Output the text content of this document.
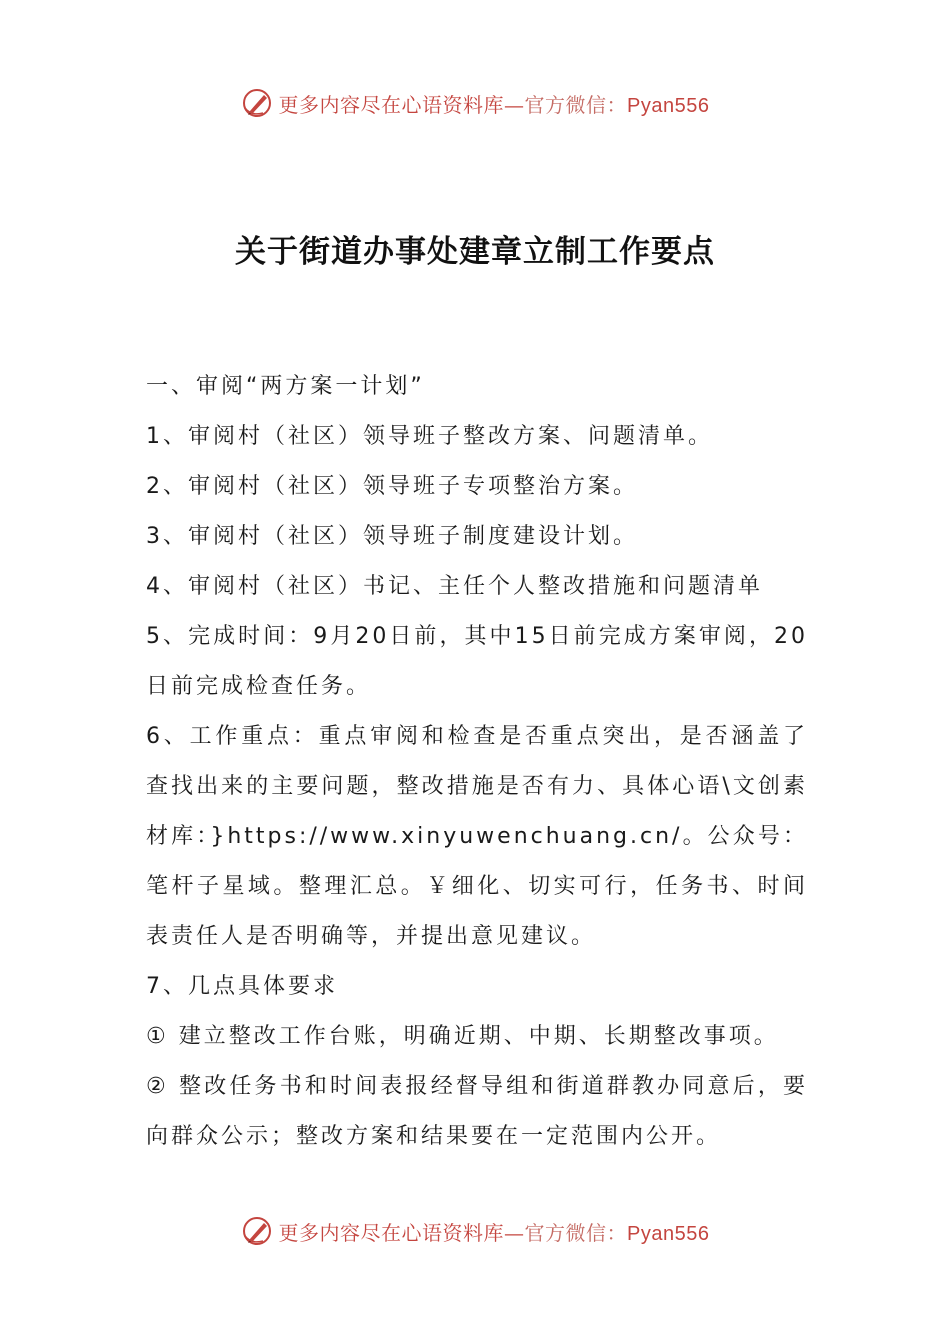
更多内容尽在心语资料库—官方微信：Pyan556
关于街道办事处建章立制工作要点

一、审阅“两方案一计划”

1、审阅村（社区）领导班子整改方案、问题清单。

2、审阅村（社区）领导班子专项整治方案。

3、审阅村（社区）领导班子制度建设计划。

4、审阅村（社区）书记、主任个人整改措施和问题清单

5、完成时间：9月20日前，其中15日前完成方案审阅，20日前完成检查任务。

6、工作重点：重点审阅和检查是否重点突出，是否涵盖了查找出来的主要问题，整改措施是否有力、具体心语\文创素材库：}https://www.xinyuwenchuang.cn/。公众号：笔杆子星域。整理汇总。￥细化、切实可行，任务书、时间表责任人是否明确等，并提出意见建议。

7、几点具体要求

① 建立整改工作台账，明确近期、中期、长期整改事项。

② 整改任务书和时间表报经督导组和街道群教办同意后，要向群众公示；整改方案和结果要在一定范围内公开。

更多内容尽在心语资料库—官方微信：Pyan556
